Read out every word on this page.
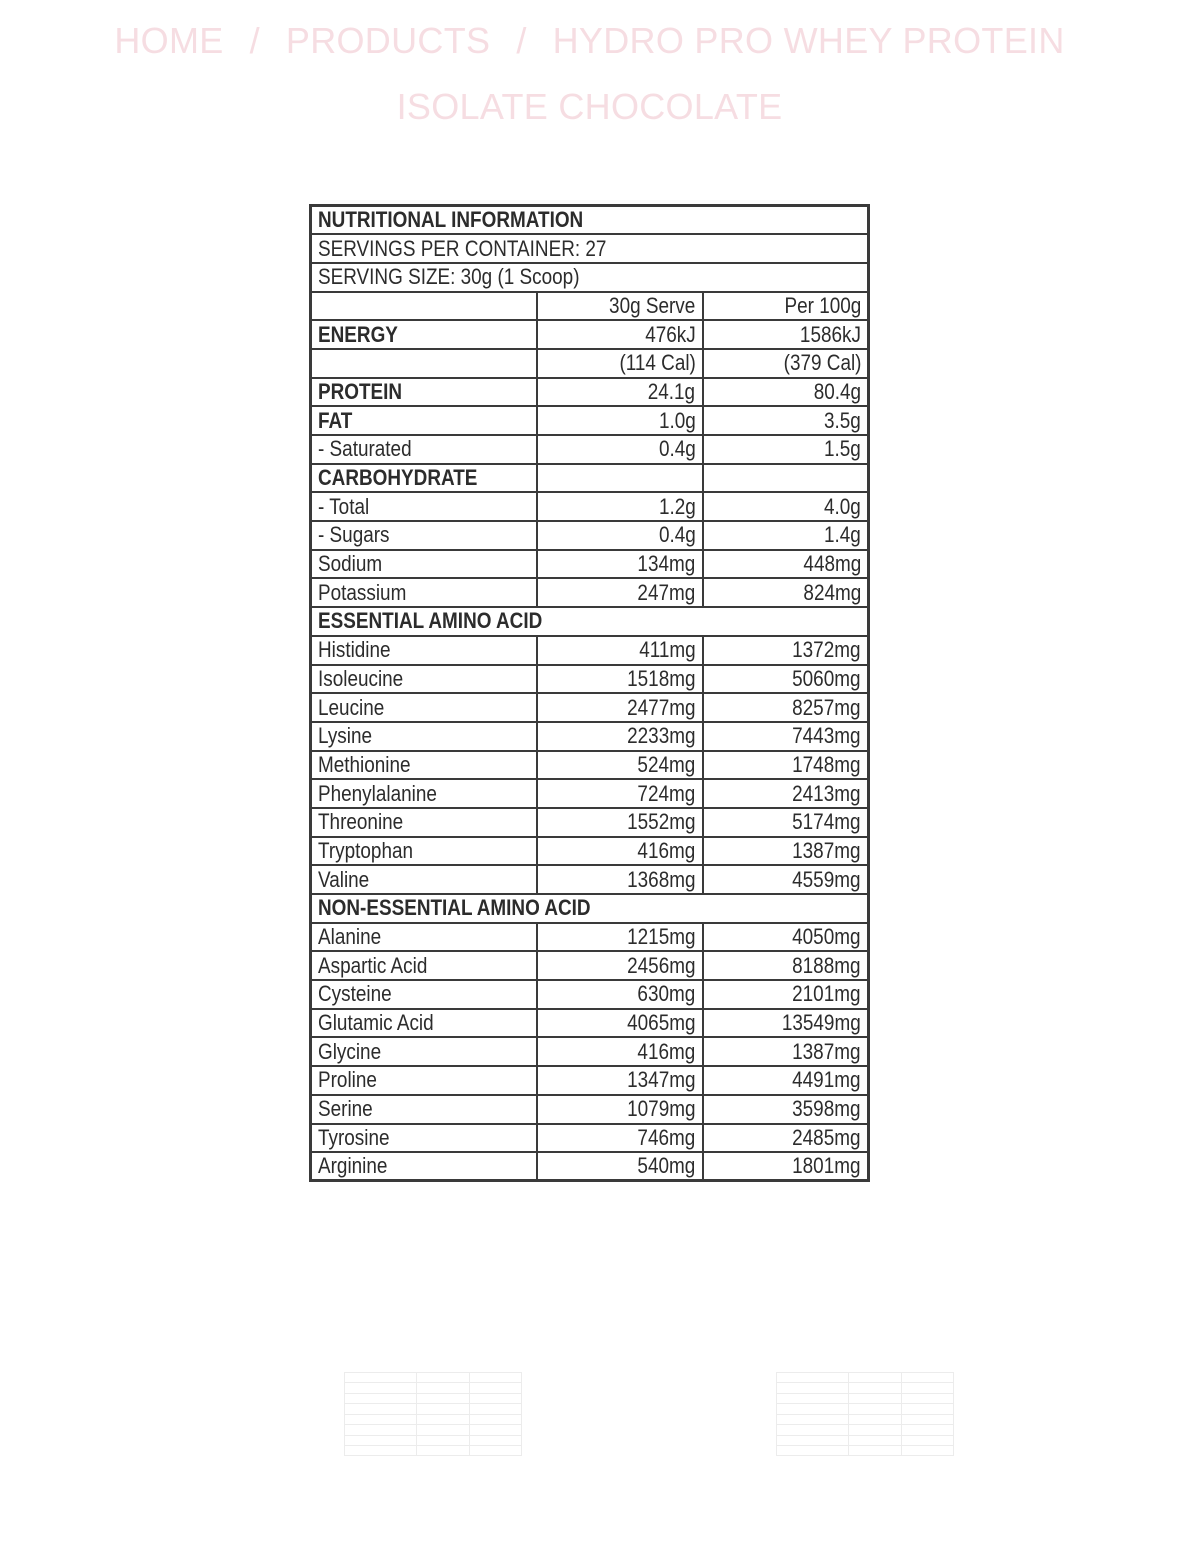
HOME / PRODUCTS / HYDRO PRO WHEY PROTEIN
ISOLATE CHOCOLATE
NUTRITIONAL INFORMATION		
SERVINGS PER CONTAINER: 27		
SERVING SIZE: 30g (1 Scoop)		
	30g Serve	Per 100g
ENERGY	476kJ	1586kJ
	(114 Cal)	(379 Cal)
PROTEIN	24.1g	80.4g
FAT	1.0g	3.5g
- Saturated	0.4g	1.5g
CARBOHYDRATE		
- Total	1.2g	4.0g
- Sugars	0.4g	1.4g
Sodium	134mg	448mg
Potassium	247mg	824mg
ESSENTIAL AMINO ACID		
Histidine	411mg	1372mg
Isoleucine	1518mg	5060mg
Leucine	2477mg	8257mg
Lysine	2233mg	7443mg
Methionine	524mg	1748mg
Phenylalanine	724mg	2413mg
Threonine	1552mg	5174mg
Tryptophan	416mg	1387mg
Valine	1368mg	4559mg
NON-ESSENTIAL AMINO ACID		
Alanine	1215mg	4050mg
Aspartic Acid	2456mg	8188mg
Cysteine	630mg	2101mg
Glutamic Acid	4065mg	13549mg
Glycine	416mg	1387mg
Proline	1347mg	4491mg
Serine	1079mg	3598mg
Tyrosine	746mg	2485mg
Arginine	540mg	1801mg
